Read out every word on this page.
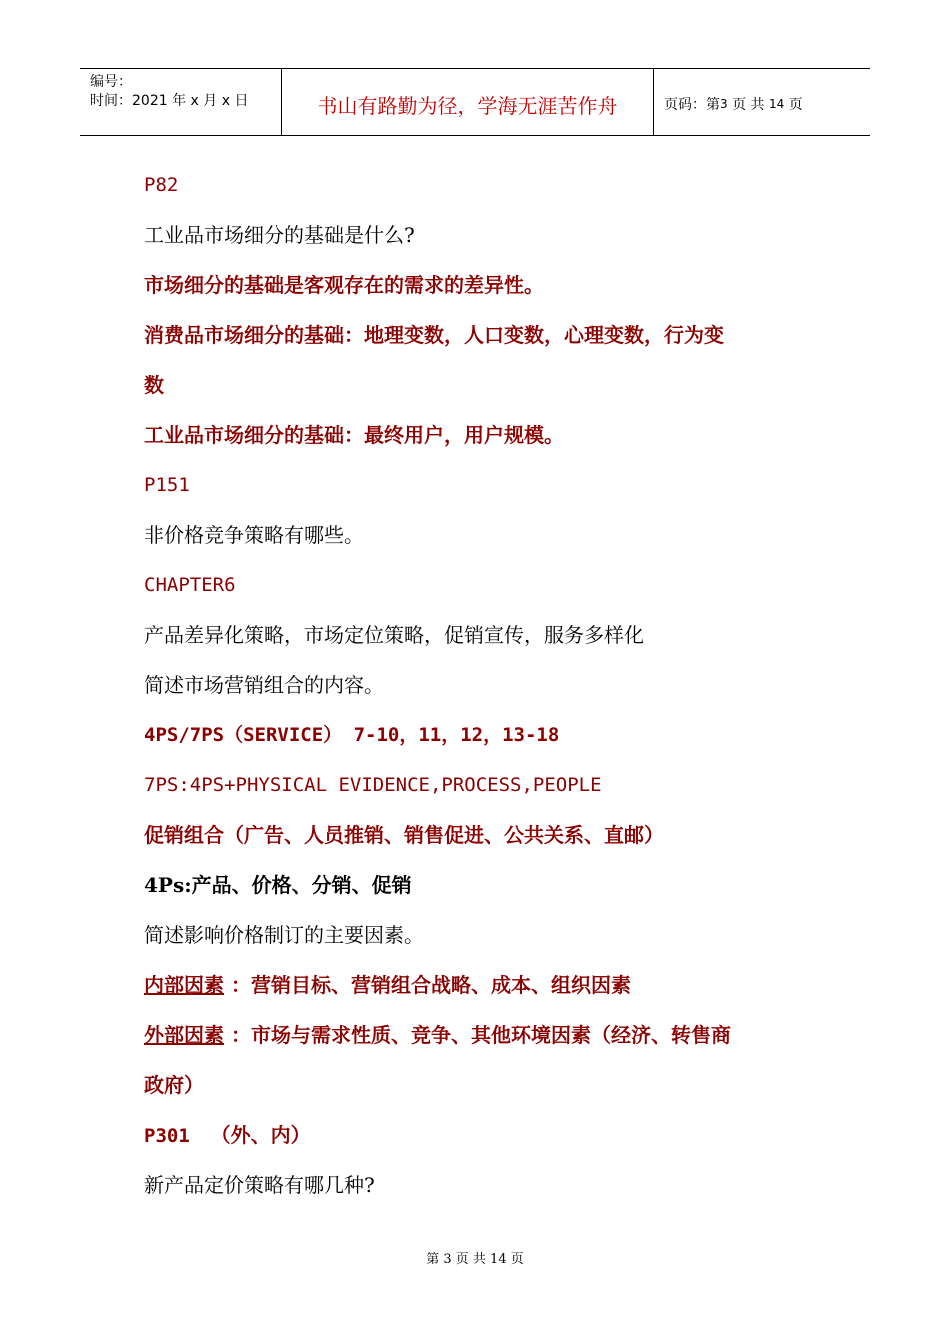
编号：
时间：2021 年 x 月 x 日	书山有路勤为径，学海无涯苦作舟	页码：第 3
页 共
14
页
P82
工业品市场细分的基础是什么?
市场细分的基础是客观存在的需求的差异性。
消费品市场细分的基础：地理变数，人口变数，心理变数，行为变
数
工业品市场细分的基础：最终用户，用户规模。
P151
非价格竞争策略有哪些。
CHAPTER6
产品差异化策略，市场定位策略，促销宣传，服务多样化
简述市场营销组合的内容。
4PS/7PS（SERVICE） 7-10，11，12，13-18
7PS:4PS+PHYSICAL EVIDENCE,PROCESS,PEOPLE
促销组合（广告、人员推销、销售促进、公共关系、直邮）
4Ps:产品、价格、分销、促销
简述影响价格制订的主要因素。
内部因素 ：营销目标、营销组合战略、成本、组织因素
外部因素 ：市场与需求性质、竞争、其他环境因素（经济、转售商
政府）
P301 （外、内）
新产品定价策略有哪几种?
第 3 页 共 14 页
